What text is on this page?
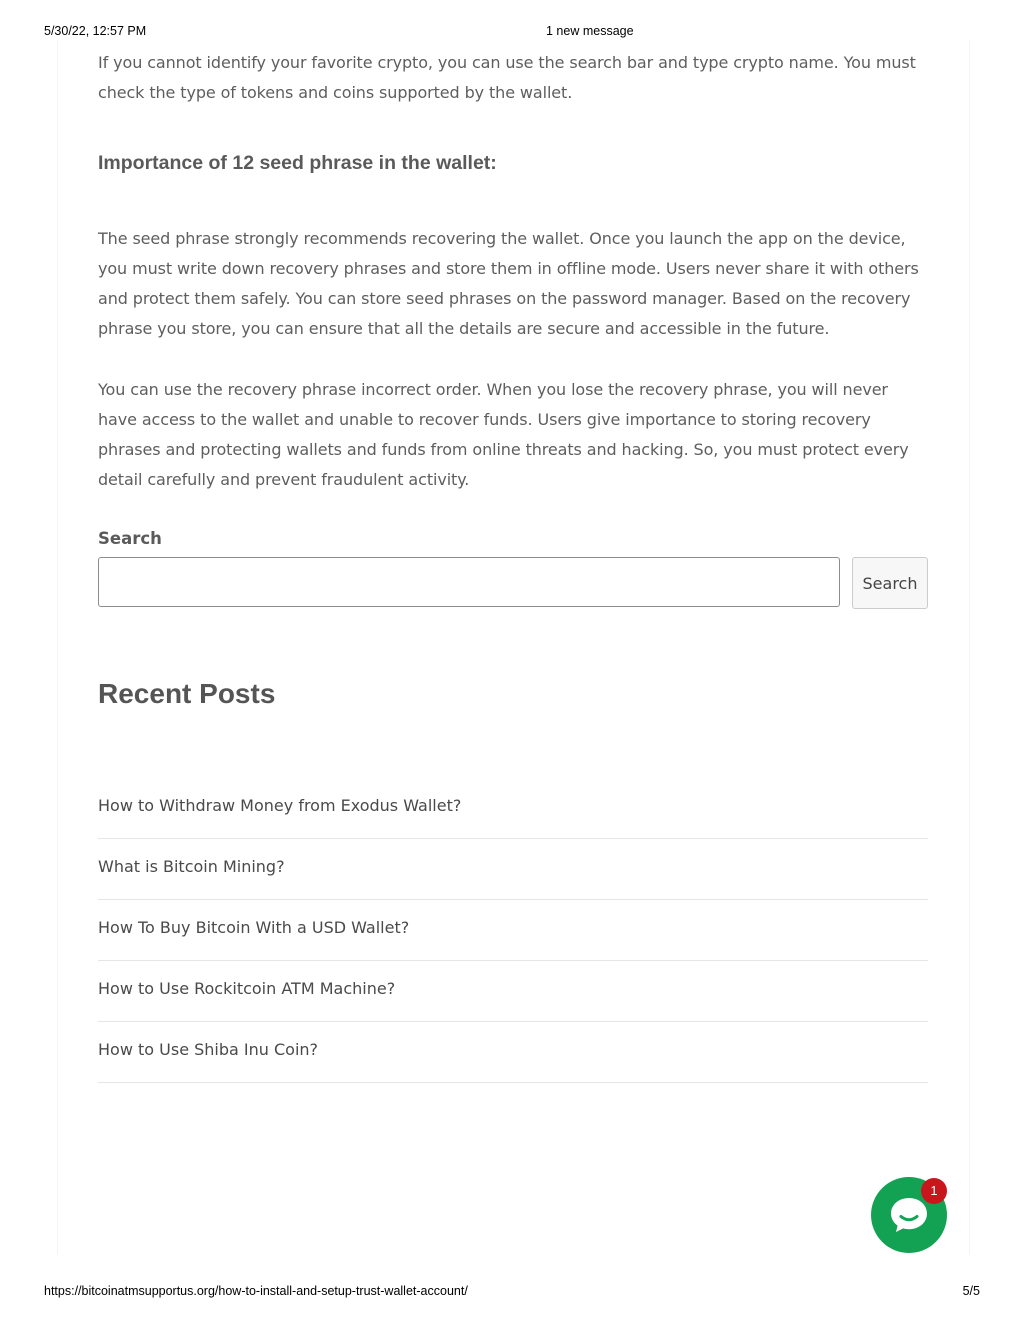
5/30/22, 12:57 PM	1 new message

If you cannot identify your favorite crypto, you can use the search bar and type crypto name. You must check the type of tokens and coins supported by the wallet.

Importance of 12 seed phrase in the wallet:

The seed phrase strongly recommends recovering the wallet. Once you launch the app on the device, you must write down recovery phrases and store them in offline mode. Users never share it with others and protect them safely. You can store seed phrases on the password manager. Based on the recovery phrase you store, you can ensure that all the details are secure and accessible in the future.

You can use the recovery phrase incorrect order. When you lose the recovery phrase, you will never have access to the wallet and unable to recover funds. Users give importance to storing recovery phrases and protecting wallets and funds from online threats and hacking. So, you must protect every detail carefully and prevent fraudulent activity.

Search
Search
Recent Posts
How to Withdraw Money from Exodus Wallet?
What is Bitcoin Mining?
How To Buy Bitcoin With a USD Wallet?
How to Use Rockitcoin ATM Machine?
How to Use Shiba Inu Coin?
1
https://bitcoinatmsupportus.org/how-to-install-and-setup-trust-wallet-account/	5/5
